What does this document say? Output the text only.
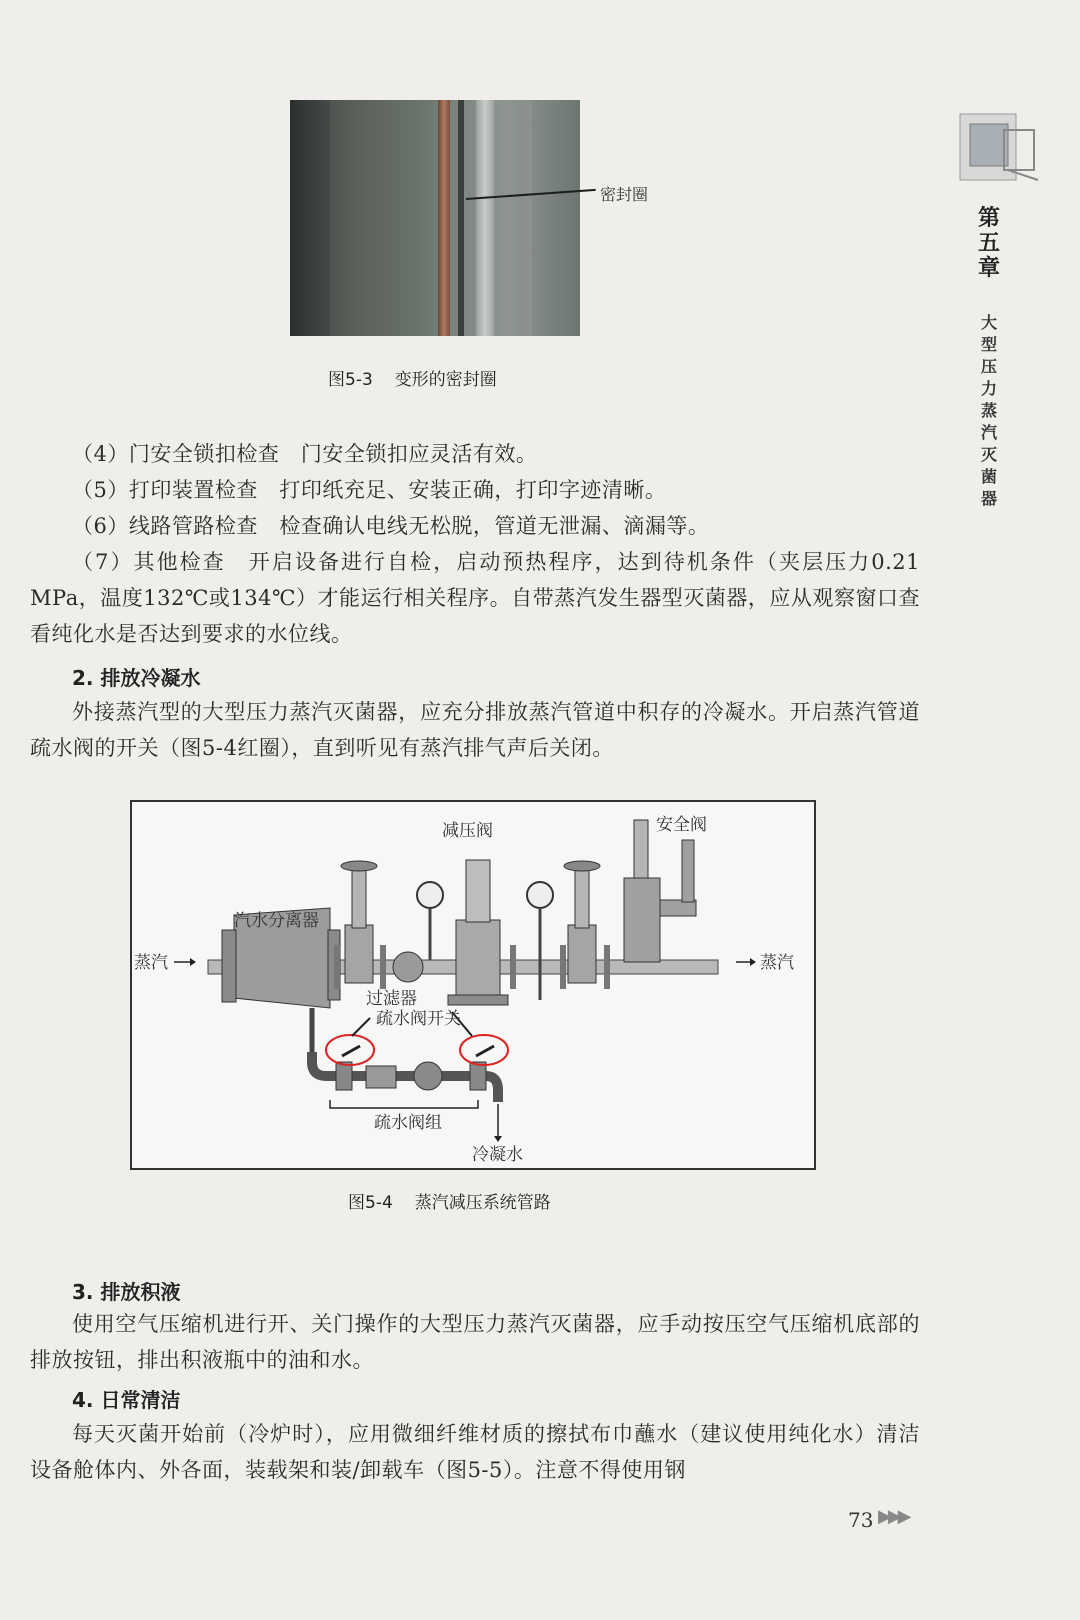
密封圈
图5-3 变形的密封圈
（4）门安全锁扣检查　门安全锁扣应灵活有效。
（5）打印装置检查　打印纸充足、安装正确，打印字迹清晰。
（6）线路管路检查　检查确认电线无松脱，管道无泄漏、滴漏等。
（7）其他检查　开启设备进行自检，启动预热程序，达到待机条件（夹层压力0.21 MPa，温度132℃或134℃）才能运行相关程序。自带蒸汽发生器型灭菌器，应从观察窗口查看纯化水是否达到要求的水位线。
2. 排放冷凝水
外接蒸汽型的大型压力蒸汽灭菌器，应充分排放蒸汽管道中积存的冷凝水。开启蒸汽管道疏水阀的开关（图5-4红圈），直到听见有蒸汽排气声后关闭。
减压阀	安全阀
汽水分离器
蒸汽	蒸汽
过滤器
疏水阀开关
疏水阀组
冷凝水
图5-4 蒸汽减压系统管路
3. 排放积液
使用空气压缩机进行开、关门操作的大型压力蒸汽灭菌器，应手动按压空气压缩机底部的排放按钮，排出积液瓶中的油和水。
4. 日常清洁
每天灭菌开始前（冷炉时），应用微细纤维材质的擦拭布巾蘸水（建议使用纯化水）清洁设备舱体内、外各面，装载架和装/卸载车（图5-5）。注意不得使用钢
第五章
大型压力蒸汽灭菌器
73 ▶▶▶
